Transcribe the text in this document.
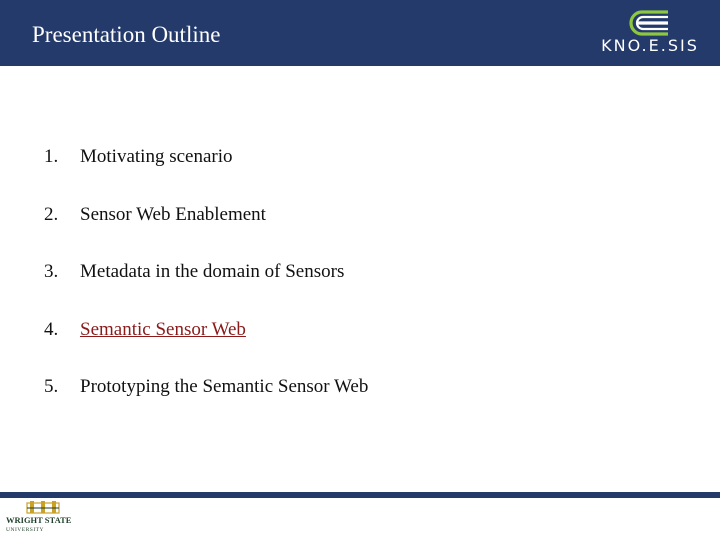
Presentation Outline	KNO.E.SIS
1. Motivating scenario
2. Sensor Web Enablement
3. Metadata in the domain of Sensors
4. Semantic Sensor Web
5. Prototyping the Semantic Sensor Web
WRIGHT STATE
UNIVERSITY
